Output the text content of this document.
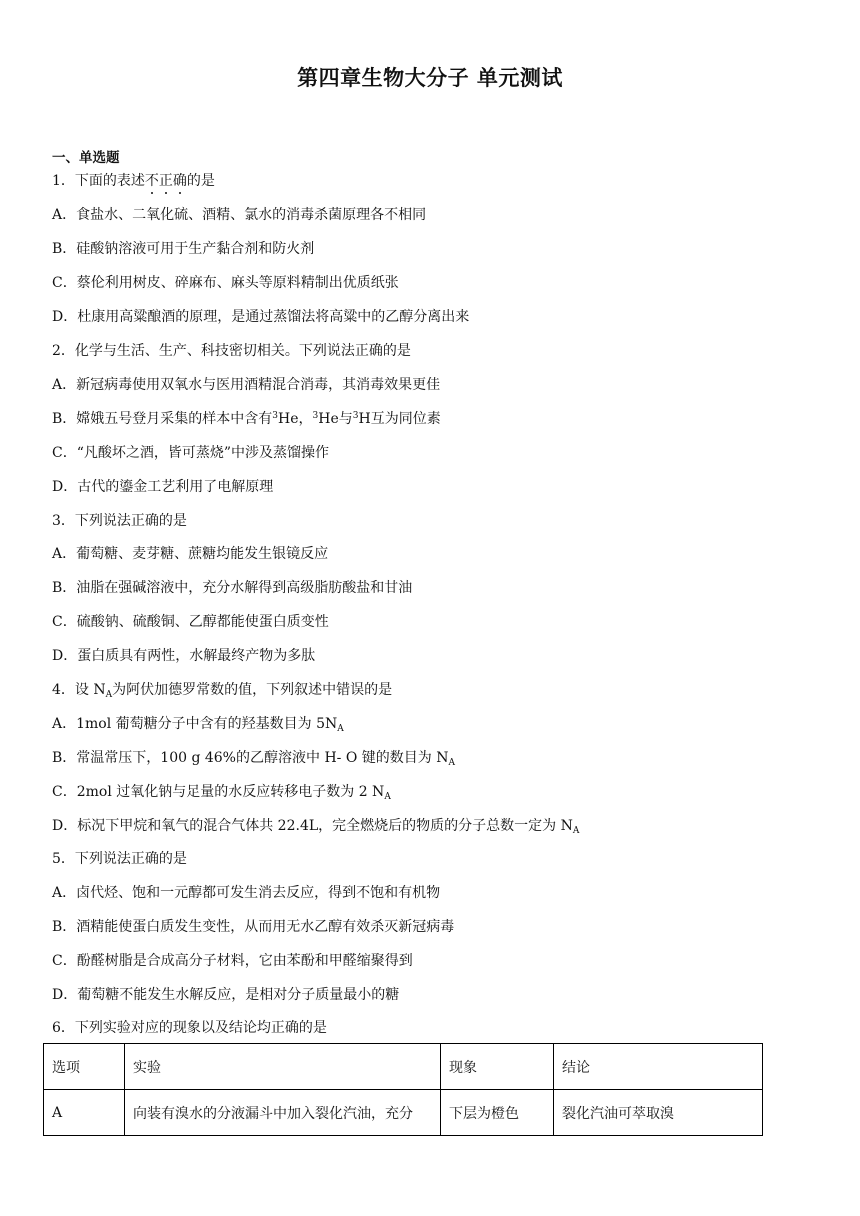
第四章生物大分子 单元测试
一、单选题
1．下面的表述不正确的是
A．食盐水、二氧化硫、酒精、氯水的消毒杀菌原理各不相同
B．硅酸钠溶液可用于生产黏合剂和防火剂
C．蔡伦利用树皮、碎麻布、麻头等原料精制出优质纸张
D．杜康用高粱酿酒的原理，是通过蒸馏法将高粱中的乙醇分离出来
2．化学与生活、生产、科技密切相关。下列说法正确的是
A．新冠病毒使用双氧水与医用酒精混合消毒，其消毒效果更佳
B．嫦娥五号登月采集的样本中含有$^3$He，$^3$He与$^3$H互为同位素
C．“凡酸坏之酒，皆可蒸烧”中涉及蒸馏操作
D．古代的鎏金工艺利用了电解原理
3．下列说法正确的是
A．葡萄糖、麦芽糖、蔗糖均能发生银镜反应
B．油脂在强碱溶液中，充分水解得到高级脂肪酸盐和甘油
C．硫酸钠、硫酸铜、乙醇都能使蛋白质变性
D．蛋白质具有两性，水解最终产物为多肽
4．设 $N_A$为阿伏加德罗常数的值，下列叙述中错误的是
A．1mol 葡萄糖分子中含有的羟基数目为 $5N_A$
B．常温常压下，100 g 46%的乙醇溶液中 H- O 键的数目为 $N_A$
C．2mol 过氧化钠与足量的水反应转移电子数为 2 $N_A$
D．标况下甲烷和氧气的混合气体共 22.4L，完全燃烧后的物质的分子总数一定为 $N_A$
5．下列说法正确的是
A．卤代烃、饱和一元醇都可发生消去反应，得到不饱和有机物
B．酒精能使蛋白质发生变性，从而用无水乙醇有效杀灭新冠病毒
C．酚醛树脂是合成高分子材料，它由苯酚和甲醛缩聚得到
D．葡萄糖不能发生水解反应，是相对分子质量最小的糖
6．下列实验对应的现象以及结论均正确的是
选项	实验	现象	结论
A	向装有溴水的分液漏斗中加入裂化汽油，充分	下层为橙色	裂化汽油可萃取溴
